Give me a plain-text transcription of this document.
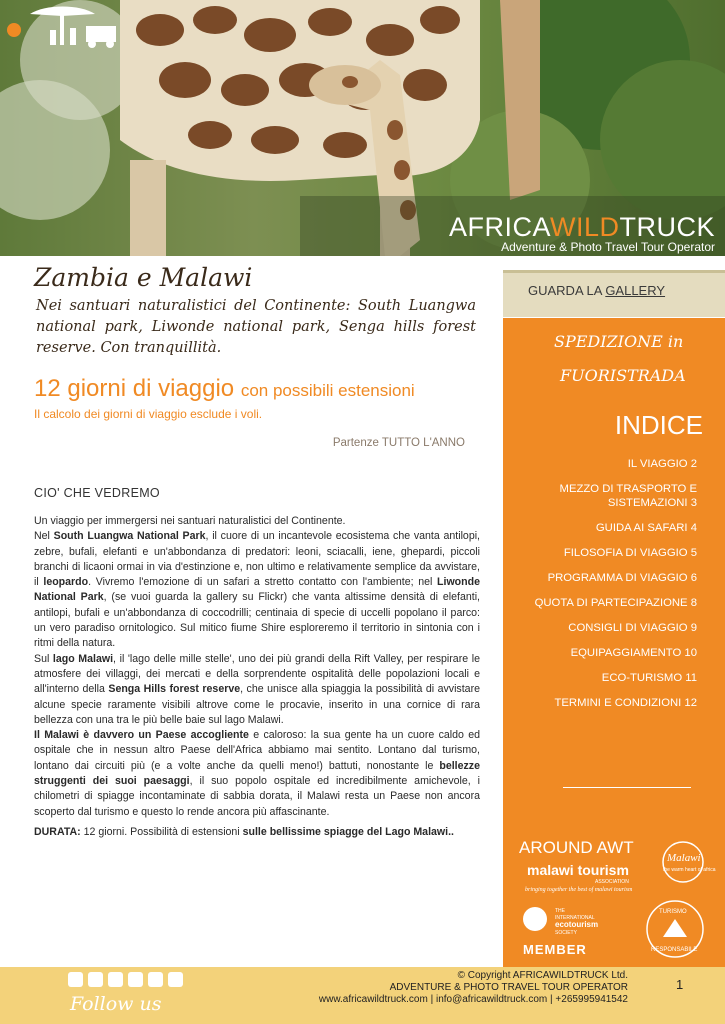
AFRICAWILDTRUCK
Adventure & Photo Travel Tour Operator
Zambia e Malawi
Nei santuari naturalistici del Continente: South Luangwa national park, Liwonde national park, Senga hills forest reserve. Con tranquillità.
12 giorni di viaggio con possibili estensioni
Il calcolo dei giorni di viaggio esclude i voli.
Partenze TUTTO L'ANNO
CIO' CHE VEDREMO

Un viaggio per immergersi nei santuari naturalistici del Continente.

Nel South Luangwa National Park, il cuore di un incantevole ecosistema che vanta antilopi, zebre, bufali, elefanti e un'abbondanza di predatori: leoni, sciacalli, iene, ghepardi, piccoli branchi di licaoni ormai in via d'estinzione e, non ultimo e relativamente semplice da avvistare, il leopardo. Vivremo l'emozione di un safari a stretto contatto con l'ambiente; nel Liwonde National Park, (se vuoi guarda la gallery su Flickr) che vanta altissime densità di elefanti, antilopi, bufali e un'abbondanza di coccodrilli; centinaia di specie di uccelli popolano il parco: un vero paradiso ornitologico. Sul mitico fiume Shire esploreremo il territorio in sintonia con i ritmi della natura.

Sul lago Malawi, il 'lago delle mille stelle', uno dei più grandi della Rift Valley, per respirare le atmosfere dei villaggi, dei mercati e della sorprendente ospitalità delle popolazioni locali e all'interno della Senga Hills forest reserve, che unisce alla spiaggia la possibilità di avvistare alcune specie raramente visibili altrove come le procavie, inserito in una cornice di rara bellezza con una tra le più belle baie sul lago Malawi.

Il Malawi è davvero un Paese accogliente e caloroso: la sua gente ha un cuore caldo ed ospitale che in nessun altro Paese dell'Africa abbiamo mai sentito. Lontano dal turismo, lontano dai circuiti più (e a volte anche da quelli meno!) battuti, nonostante le bellezze struggenti dei suoi paesaggi, il suo popolo ospitale ed incredibilmente amichevole, i chilometri di spiagge incontaminate di sabbia dorata, il Malawi resta un Paese non ancora scoperto dal turismo e questo lo rende ancora più affascinante.

DURATA: 12 giorni. Possibilità di estensioni sulle bellissime spiagge del Lago Malawi..
GUARDA LA GALLERY
SPEDIZIONE in
FUORISTRADA
INDICE
IL VIAGGIO 2
MEZZO DI TRASPORTO E SISTEMAZIONI 3
GUIDA AI SAFARI 4
FILOSOFIA DI VIAGGIO 5
PROGRAMMA DI VIAGGIO 6
QUOTA DI PARTECIPAZIONE 8
CONSIGLI DI VIAGGIO 9
EQUIPAGGIAMENTO 10
ECO-TURISMO 11
TERMINI E CONDIZIONI 12
AROUND AWT
malawi tourism
ASSOCIATION
bringing together the best of malawi tourism
Malawi
the warm heart of africa
THE
INTERNATIONAL
ecotourism
SOCIETY
MEMBER
TURISMO
RESPONSABILE
Follow us
© Copyright AFRICAWILDTRUCK Ltd.
ADVENTURE & PHOTO TRAVEL TOUR OPERATOR
www.africawildtruck.com | info@africawildtruck.com | +265995941542
1
